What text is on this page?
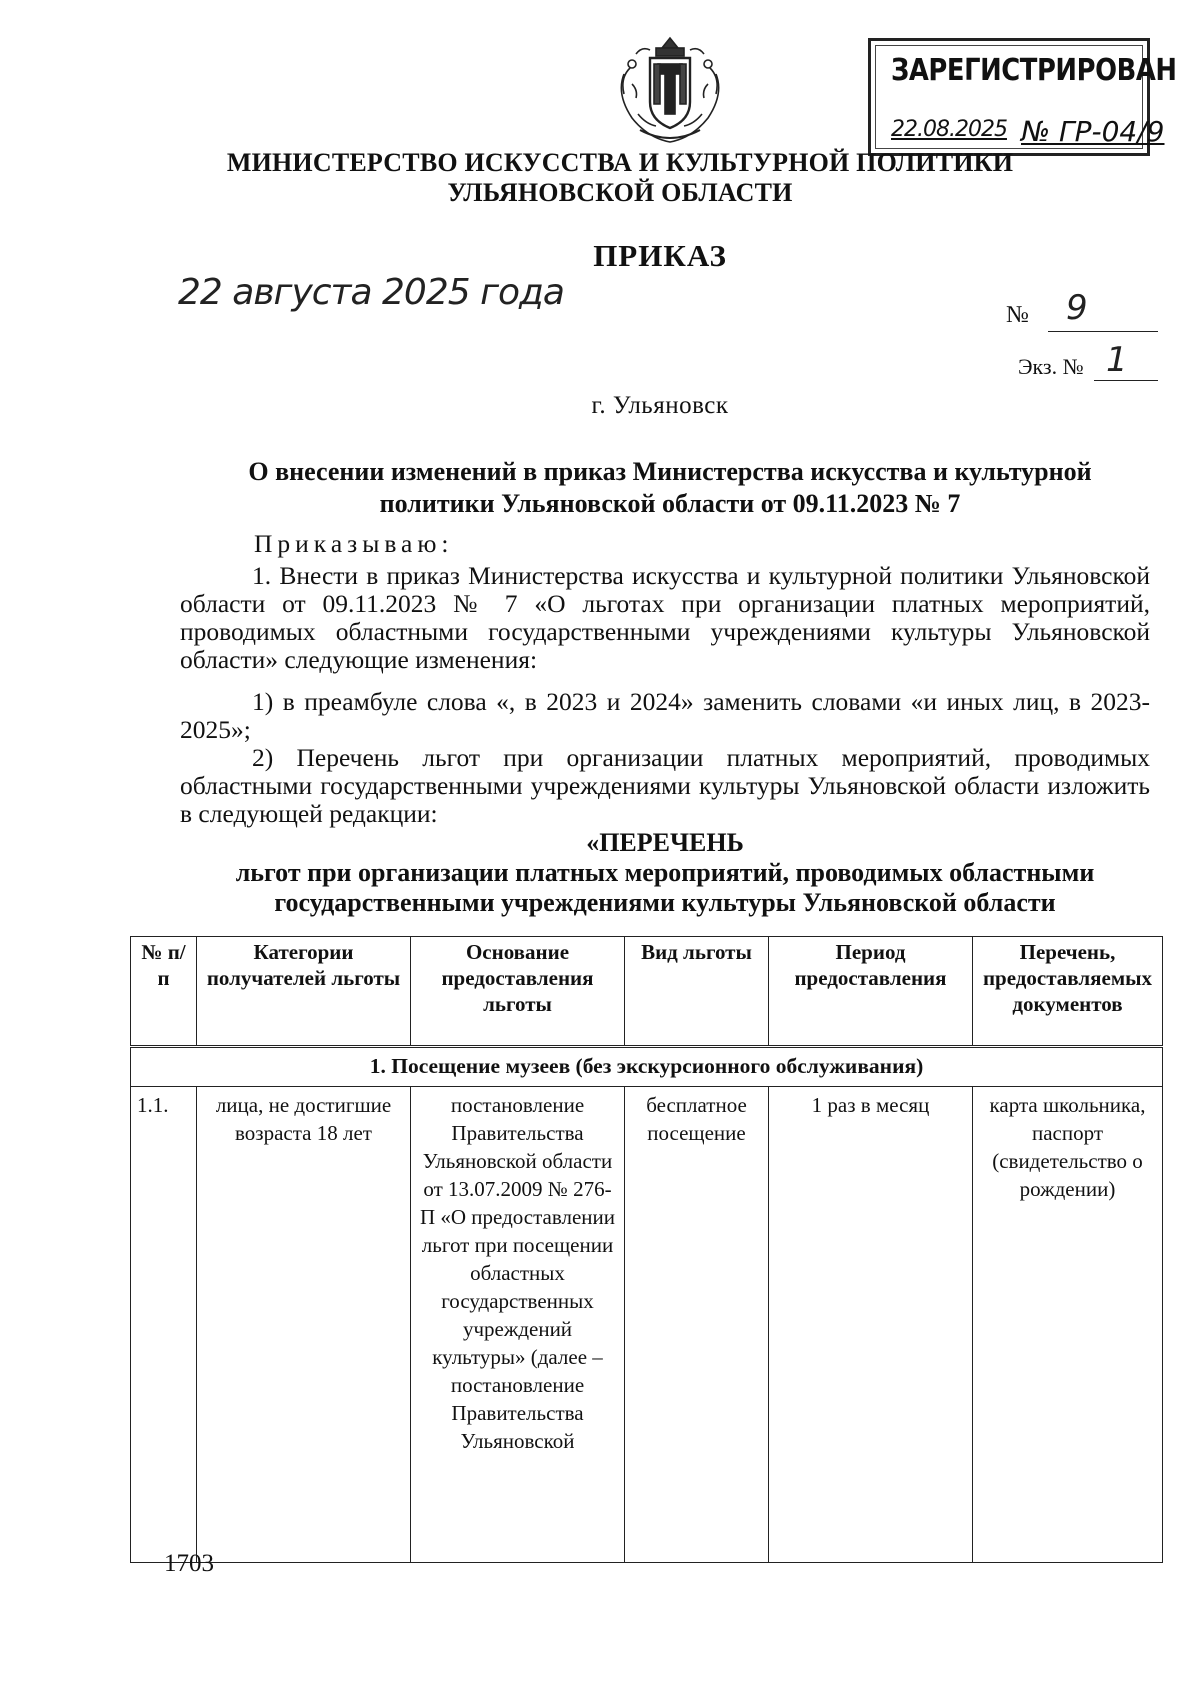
ЗАРЕГИСТРИРОВАН
22.08.2025 № ГР-04/9
МИНИСТЕРСТВО ИСКУССТВА И КУЛЬТУРНОЙ ПОЛИТИКИ УЛЬЯНОВСКОЙ ОБЛАСТИ
ПРИКАЗ
22 августа 2025 года
№ 9
Экз. № 1
г. Ульяновск
О внесении изменений в приказ Министерства искусства и культурной политики Ульяновской области от 09.11.2023 № 7
Приказываю:
1. Внести в приказ Министерства искусства и культурной политики Ульяновской области от 09.11.2023 № 7 «О льготах при организации платных мероприятий, проводимых областными государственными учреждениями культуры Ульяновской области» следующие изменения:
1) в преамбуле слова «, в 2023 и 2024» заменить словами «и иных лиц, в 2023-2025»;
2) Перечень льгот при организации платных мероприятий, проводимых областными государственными учреждениями культуры Ульяновской области изложить в следующей редакции:
«ПЕРЕЧЕНЬ
льгот при организации платных мероприятий, проводимых областными государственными учреждениями культуры Ульяновской области
№ п/п	Категории получателей льготы	Основание предоставления льготы	Вид льготы	Период предоставления	Перечень, предоставляемых документов
1. Посещение музеев (без экскурсионного обслуживания)					
1.1.	лица, не достигшие возраста 18 лет	постановление Правительства Ульяновской области от 13.07.2009 № 276-П «О предоставлении льгот при посещении областных государственных учреждений культуры» (далее – постановление Правительства Ульяновской	бесплатное посещение	1 раз в месяц	карта школьника, паспорт (свидетельство о рождении)
1703
